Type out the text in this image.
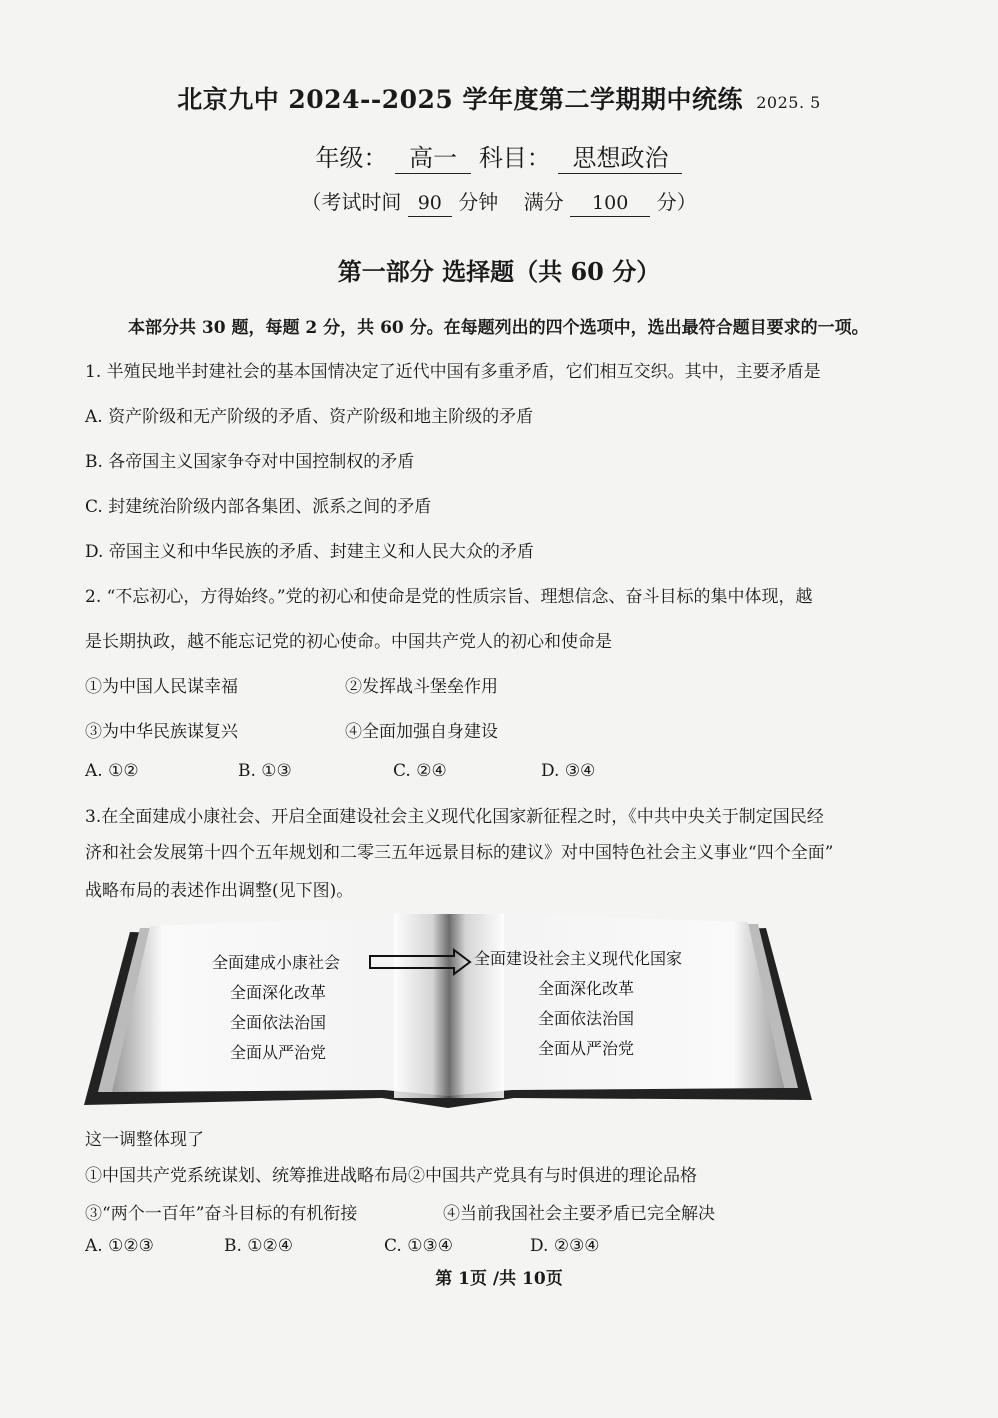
北京九中 2024--2025 学年度第二学期期中统练 2025. 5
年级： 高一 科目： 思想政治
（考试时间 90 分钟 满分 100 分）
第一部分 选择题（共 60 分）
本部分共 30 题，每题 2 分，共 60 分。在每题列出的四个选项中，选出最符合题目要求的一项。
1. 半殖民地半封建社会的基本国情决定了近代中国有多重矛盾，它们相互交织。其中，主要矛盾是
A. 资产阶级和无产阶级的矛盾、资产阶级和地主阶级的矛盾
B. 各帝国主义国家争夺对中国控制权的矛盾
C. 封建统治阶级内部各集团、派系之间的矛盾
D. 帝国主义和中华民族的矛盾、封建主义和人民大众的矛盾
2. “不忘初心，方得始终。”党的初心和使命是党的性质宗旨、理想信念、奋斗目标的集中体现，越
是长期执政，越不能忘记党的初心使命。中国共产党人的初心和使命是
①为中国人民谋幸福	②发挥战斗堡垒作用
③为中华民族谋复兴	④全面加强自身建设
A. ①②	B. ①③	C. ②④	D. ③④
3.在全面建成小康社会、开启全面建设社会主义现代化国家新征程之时，《中共中央关于制定国民经
济和社会发展第十四个五年规划和二零三五年远景目标的建议》对中国特色社会主义事业“四个全面”
战略布局的表述作出调整(见下图)。
全面建成小康社会
全面深化改革
全面依法治国
全面从严治党
全面建设社会主义现代化国家
全面深化改革
全面依法治国
全面从严治党
这一调整体现了
①中国共产党系统谋划、统筹推进战略布局②中国共产党具有与时俱进的理论品格
③“两个一百年”奋斗目标的有机衔接	④当前我国社会主要矛盾已完全解决
A. ①②③	B. ①②④	C. ①③④	D. ②③④
第 1页 /共 10页
